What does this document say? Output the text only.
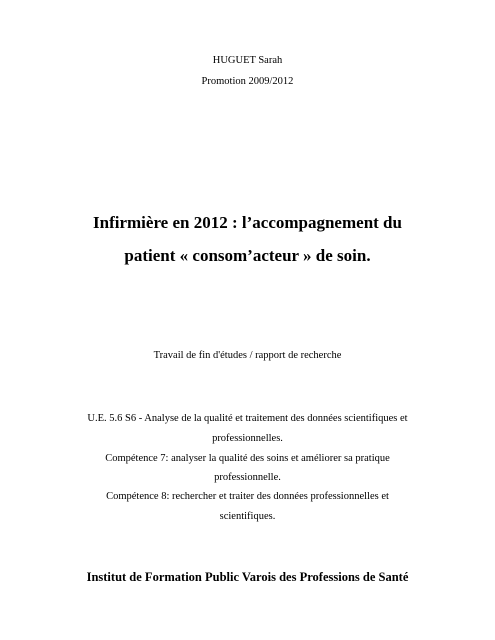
HUGUET Sarah
Promotion 2009/2012
Infirmière en 2012 : l’accompagnement du
patient « consom’acteur » de soin.
Travail de fin d'études / rapport de recherche
U.E. 5.6 S6 - Analyse de la qualité et traitement des données scientifiques et
professionnelles.
Compétence 7: analyser la qualité des soins et améliorer sa pratique
professionnelle.
Compétence 8: rechercher et traiter des données professionnelles et
scientifiques.
Institut de Formation Public Varois des Professions de Santé
